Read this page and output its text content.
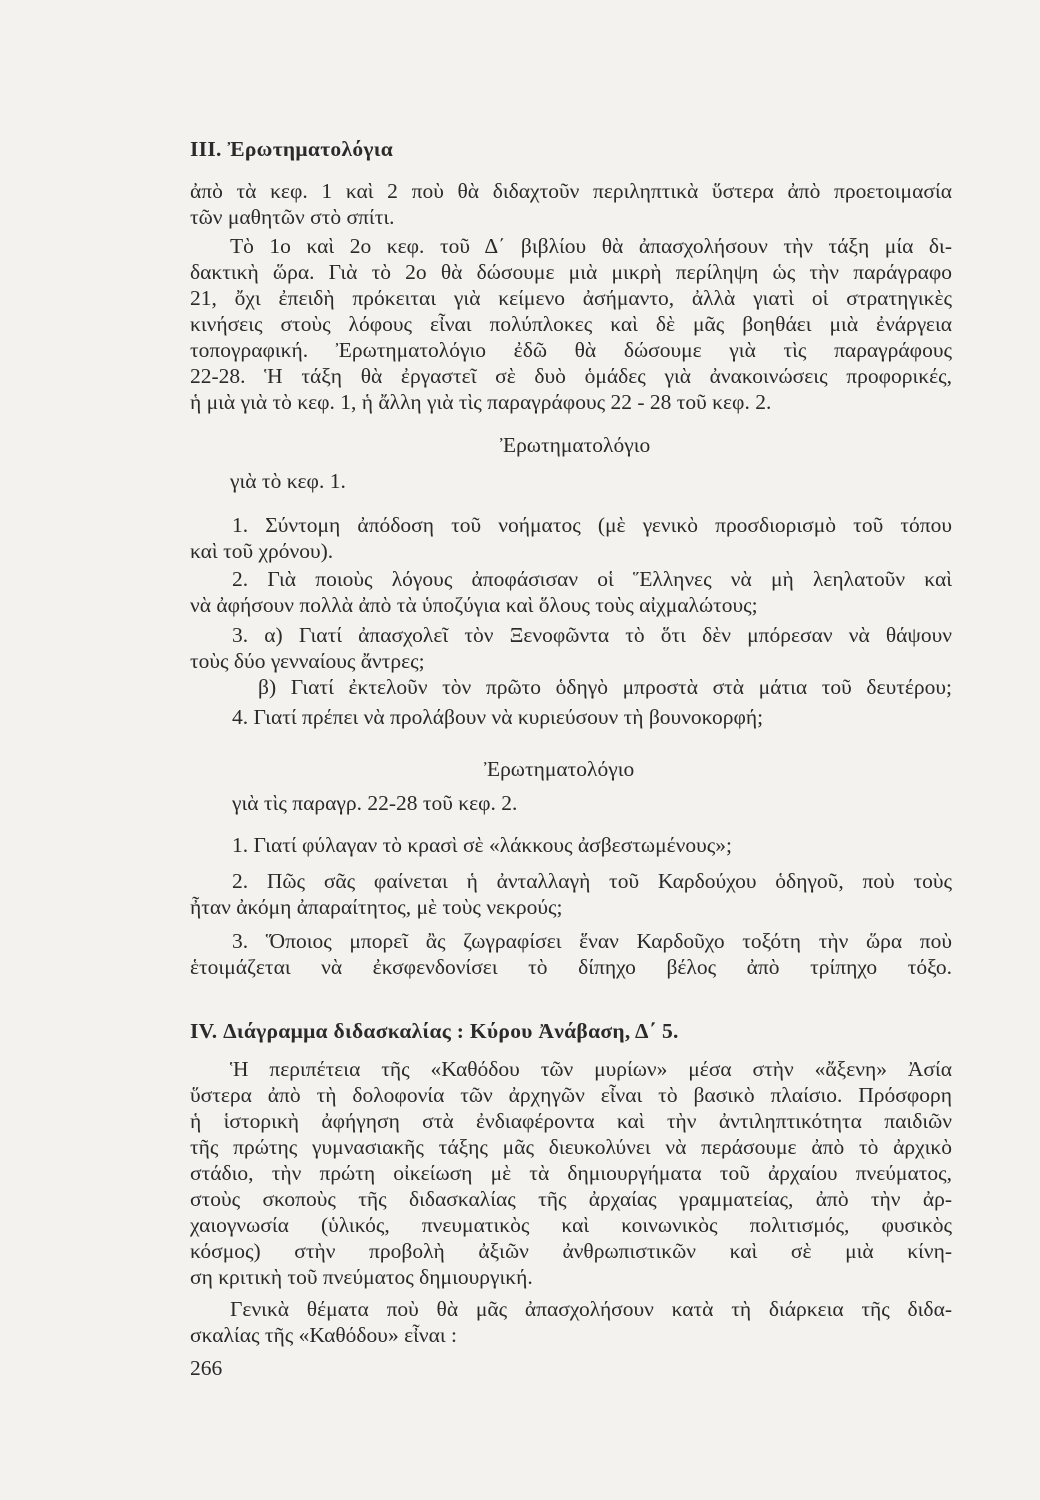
III. Ἐρωτηματολόγια
ἀπὸ τὰ κεφ. 1 καὶ 2 ποὺ θὰ διδαχτοῦν περιληπτικὰ ὕστερα ἀπὸ προετοιμασία
τῶν μαθητῶν στὸ σπίτι.
Τὸ 1ο καὶ 2ο κεφ. τοῦ Δ΄ βιβλίου θὰ ἀπασχολήσουν τὴν τάξη μία δι-
δακτικὴ ὥρα. Γιὰ τὸ 2ο θὰ δώσουμε μιὰ μικρὴ περίληψη ὡς τὴν παράγραφο
21, ὄχι ἐπειδὴ πρόκειται γιὰ κείμενο ἀσήμαντο, ἀλλὰ γιατὶ οἱ στρατηγικὲς
κινήσεις στοὺς λόφους εἶναι πολύπλοκες καὶ δὲ μᾶς βοηθάει μιὰ ἐνάργεια
τοπογραφική. Ἐρωτηματολόγιο ἐδῶ θὰ δώσουμε γιὰ τὶς παραγράφους
22-28. Ἡ τάξη θὰ ἐργαστεῖ σὲ δυὸ ὁμάδες γιὰ ἀνακοινώσεις προφορικές,
ἡ μιὰ γιὰ τὸ κεφ. 1, ἡ ἄλλη γιὰ τὶς παραγράφους 22 - 28 τοῦ κεφ. 2.
Ἐρωτηματολόγιο
γιὰ τὸ κεφ. 1.
1. Σύντομη ἀπόδοση τοῦ νοήματος (μὲ γενικὸ προσδιορισμὸ τοῦ τόπου
καὶ τοῦ χρόνου).
2. Γιὰ ποιοὺς λόγους ἀποφάσισαν οἱ Ἕλληνες νὰ μὴ λεηλατοῦν καὶ
νὰ ἀφήσουν πολλὰ ἀπὸ τὰ ὑποζύγια καὶ ὅλους τοὺς αἰχμαλώτους;
3. α) Γιατί ἀπασχολεῖ τὸν Ξενοφῶντα τὸ ὅτι δὲν μπόρεσαν νὰ θάψουν
τοὺς δύο γενναίους ἄντρες;
β) Γιατί ἐκτελοῦν τὸν πρῶτο ὁδηγὸ μπροστὰ στὰ μάτια τοῦ δευτέρου;
4. Γιατί πρέπει νὰ προλάβουν νὰ κυριεύσουν τὴ βουνοκορφή;
Ἐρωτηματολόγιο
γιὰ τὶς παραγρ. 22-28 τοῦ κεφ. 2.
1. Γιατί φύλαγαν τὸ κρασὶ σὲ «λάκκους ἀσβεστωμένους»;
2. Πῶς σᾶς φαίνεται ἡ ἀνταλλαγὴ τοῦ Καρδούχου ὁδηγοῦ, ποὺ τοὺς
ἦταν ἀκόμη ἀπαραίτητος, μὲ τοὺς νεκρούς;
3. Ὅποιος μπορεῖ ἂς ζωγραφίσει ἕναν Καρδοῦχο τοξότη τὴν ὥρα ποὺ
ἑτοιμάζεται νὰ ἐκσφενδονίσει τὸ δίπηχο βέλος ἀπὸ τρίπηχο τόξο.
IV. Διάγραμμα διδασκαλίας : Κύρου Ἀνάβαση, Δ΄ 5.
Ἡ περιπέτεια τῆς «Καθόδου τῶν μυρίων» μέσα στὴν «ἄξενη» Ἀσία
ὕστερα ἀπὸ τὴ δολοφονία τῶν ἀρχηγῶν εἶναι τὸ βασικὸ πλαίσιο. Πρόσφορη
ἡ ἱστορικὴ ἀφήγηση στὰ ἐνδιαφέροντα καὶ τὴν ἀντιληπτικότητα παιδιῶν
τῆς πρώτης γυμνασιακῆς τάξης μᾶς διευκολύνει νὰ περάσουμε ἀπὸ τὸ ἀρχικὸ
στάδιο, τὴν πρώτη οἰκείωση μὲ τὰ δημιουργήματα τοῦ ἀρχαίου πνεύματος,
στοὺς σκοποὺς τῆς διδασκαλίας τῆς ἀρχαίας γραμματείας, ἀπὸ τὴν ἀρ-
χαιογνωσία (ὑλικός, πνευματικὸς καὶ κοινωνικὸς πολιτισμός, φυσικὸς
κόσμος) στὴν προβολὴ ἀξιῶν ἀνθρωπιστικῶν καὶ σὲ μιὰ κίνη-
ση κριτικὴ τοῦ πνεύματος δημιουργική.
Γενικὰ θέματα ποὺ θὰ μᾶς ἀπασχολήσουν κατὰ τὴ διάρκεια τῆς διδα-
σκαλίας τῆς «Καθόδου» εἶναι :
266
